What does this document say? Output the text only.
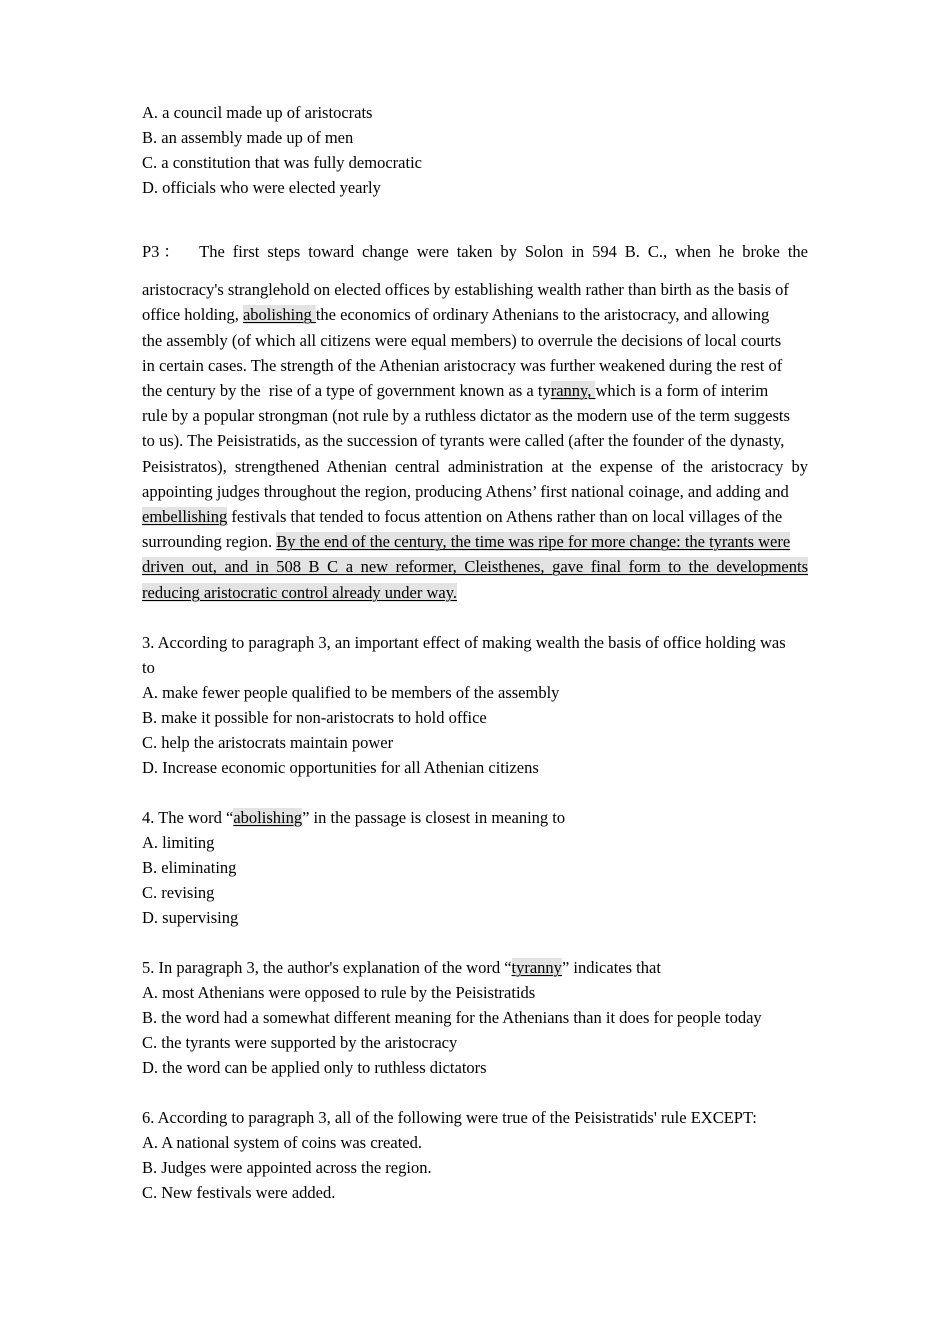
A. a council made up of aristocrats
B. an assembly made up of men
C. a constitution that was fully democratic
D. officials who were elected yearly
P3：  The first steps toward change were taken by Solon in 594 B. C., when he broke the
aristocracy's stranglehold on elected offices by establishing wealth rather than birth as the basis of
office holding, abolishing the economics of ordinary Athenians to the aristocracy, and allowing
the assembly (of which all citizens were equal members) to overrule the decisions of local courts
in certain cases. The strength of the Athenian aristocracy was further weakened during the rest of
the century by the  rise of a type of government known as a tyranny, which is a form of interim
rule by a popular strongman (not rule by a ruthless dictator as the modern use of the term suggests
to us). The Peisistratids, as the succession of tyrants were called (after the founder of the dynasty,
Peisistratos), strengthened Athenian central administration at the expense of the aristocracy by
appointing judges throughout the region, producing Athens’ first national coinage, and adding and
embellishing festivals that tended to focus attention on Athens rather than on local villages of the
surrounding region. By the end of the century, the time was ripe for more change: the tyrants were
driven out, and in 508 B C a new reformer, Cleisthenes, gave final form to the developments
reducing aristocratic control already under way.
3. According to paragraph 3, an important effect of making wealth the basis of office holding was
to
A. make fewer people qualified to be members of the assembly
B. make it possible for non-aristocrats to hold office
C. help the aristocrats maintain power
D. Increase economic opportunities for all Athenian citizens
4. The word “abolishing” in the passage is closest in meaning to
A. limiting
B. eliminating
C. revising
D. supervising
5. In paragraph 3, the author's explanation of the word “tyranny” indicates that
A. most Athenians were opposed to rule by the Peisistratids
B. the word had a somewhat different meaning for the Athenians than it does for people today
C. the tyrants were supported by the aristocracy
D. the word can be applied only to ruthless dictators
6. According to paragraph 3, all of the following were true of the Peisistratids' rule EXCEPT:
A. A national system of coins was created.
B. Judges were appointed across the region.
C. New festivals were added.
